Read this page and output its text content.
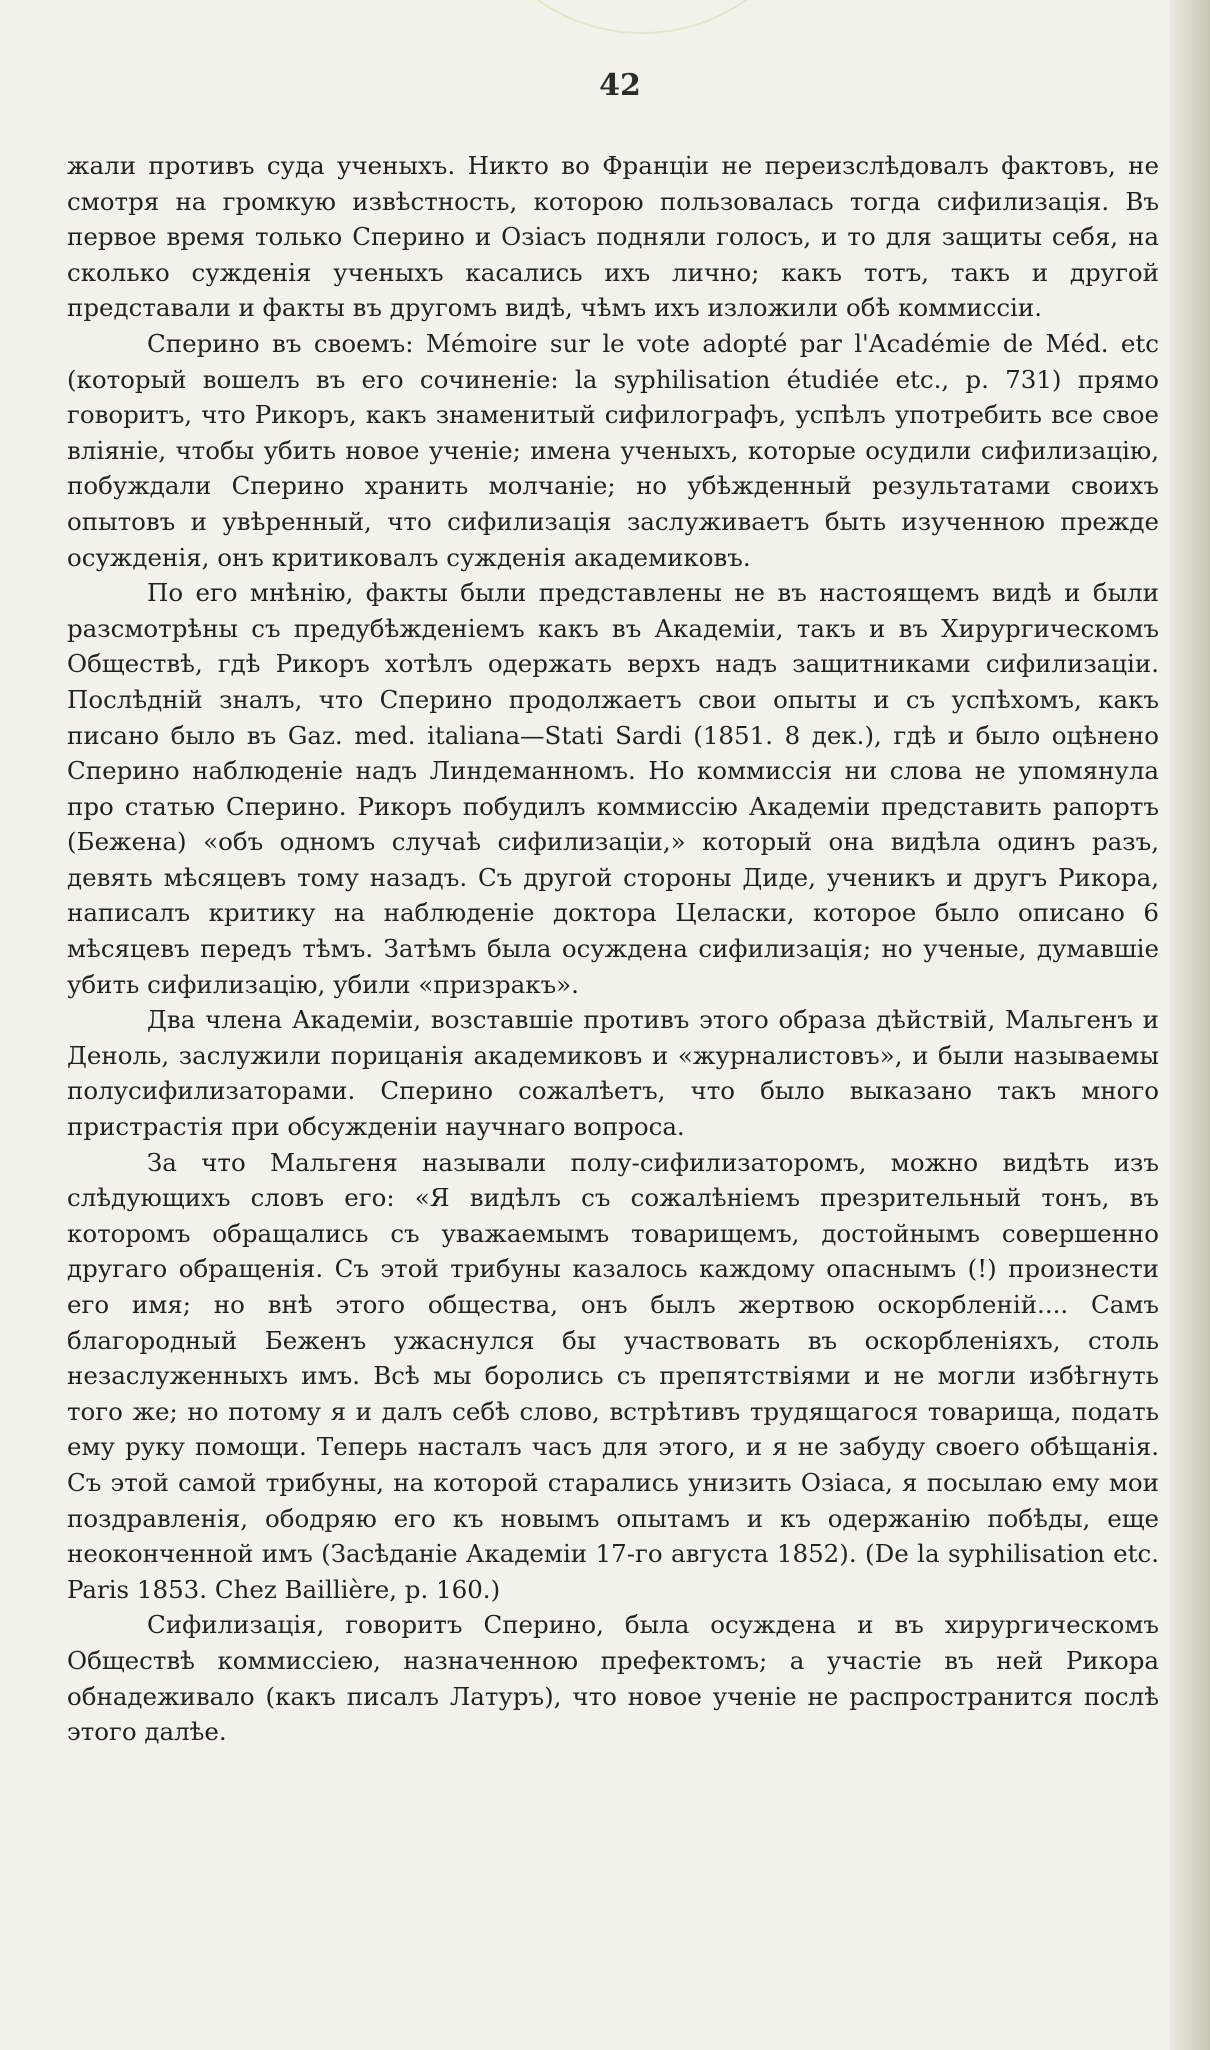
42

жали противъ суда ученыхъ. Никто во Франціи не переизслѣдовалъ фактовъ, не смотря на громкую извѣстность, которою пользовалась тогда сифилизація. Въ первое время только Сперино и Озіасъ подняли голосъ, и то для защиты себя, на сколько сужденія ученыхъ касались ихъ лично; какъ тотъ, такъ и другой представали и факты въ другомъ видѣ, чѣмъ ихъ изложили обѣ коммиссіи.

Сперино въ своемъ: Mémoire sur le vote adopté par l'Académie de Méd. etc (который вошелъ въ его сочиненіе: la syphilisation étudiée etc., p. 731) прямо говоритъ, что Рикоръ, какъ знаменитый сифилографъ, успѣлъ употребить все свое вліяніе, чтобы убить новое ученіе; имена ученыхъ, которые осудили сифилизацію, побуждали Сперино хранить молчаніе; но убѣжденный результатами своихъ опытовъ и увѣренный, что сифилизація заслуживаетъ быть изученною прежде осужденія, онъ критиковалъ сужденія академиковъ.

По его мнѣнію, факты были представлены не въ настоящемъ видѣ и были разсмотрѣны съ предубѣжденіемъ какъ въ Академіи, такъ и въ Хирургическомъ Обществѣ, гдѣ Рикоръ хотѣлъ одержать верхъ надъ защитниками сифилизаціи. Послѣдній зналъ, что Сперино продолжаетъ свои опыты и съ успѣхомъ, какъ писано было въ Gaz. med. italiana—Stati Sardi (1851. 8 дек.), гдѣ и было оцѣнено Сперино наблюденіе надъ Линдеманномъ. Но коммиссія ни слова не упомянула про статью Сперино. Рикоръ побудилъ коммиссію Академіи представить рапортъ (Бежена) «объ одномъ случаѣ сифилизаціи,» который она видѣла одинъ разъ, девять мѣсяцевъ тому назадъ. Съ другой стороны Диде, ученикъ и другъ Рикора, написалъ критику на наблюденіе доктора Целаски, которое было описано 6 мѣсяцевъ передъ тѣмъ. Затѣмъ была осуждена сифилизація; но ученые, думавшіе убить сифилизацію, убили «призракъ».

Два члена Академіи, возставшіе противъ этого образа дѣйствій, Мальгенъ и Деноль, заслужили порицанія академиковъ и «журналистовъ», и были называемы полусифилизаторами. Сперино сожалѣетъ, что было выказано такъ много пристрастія при обсужденіи научнаго вопроса.

За что Мальгеня называли полу-сифилизаторомъ, можно видѣть изъ слѣдующихъ словъ его: «Я видѣлъ съ сожалѣніемъ презрительный тонъ, въ которомъ обращались съ уважаемымъ товарищемъ, достойнымъ совершенно другаго обращенія. Съ этой трибуны казалось каждому опаснымъ (!) произнести его имя; но внѣ этого общества, онъ былъ жертвою оскорбленій.... Самъ благородный Беженъ ужаснулся бы участвовать въ оскорбленіяхъ, столь незаслуженныхъ имъ. Всѣ мы боролись съ препятствіями и не могли избѣгнуть того же; но потому я и далъ себѣ слово, встрѣтивъ трудящагося товарища, подать ему руку помощи. Теперь насталъ часъ для этого, и я не забуду своего обѣщанія. Съ этой самой трибуны, на которой старались унизить Озіаса, я посылаю ему мои поздравленія, ободряю его къ новымъ опытамъ и къ одержанію побѣды, еще неоконченной имъ (Засѣданіе Академіи 17-го августа 1852). (De la syphilisation etc. Paris 1853. Chez Baillière, p. 160.)

Сифилизація, говоритъ Сперино, была осуждена и въ хирургическомъ Обществѣ коммиссіею, назначенною префектомъ; а участіе въ ней Рикора обнадеживало (какъ писалъ Латуръ), что новое ученіе не распространится послѣ этого далѣе.
